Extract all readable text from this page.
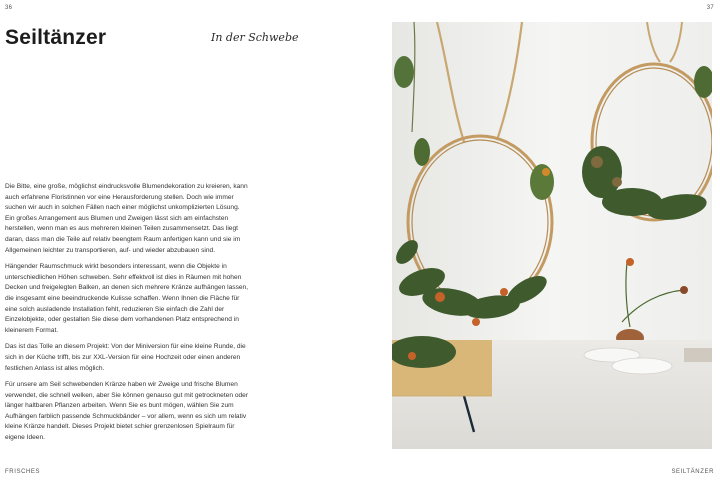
36	37
Seiltänzer	In der Schwebe

Die Bitte, eine große, möglichst eindrucksvolle Blumendekoration zu kreieren, kann auch erfahrene Floristinnen vor eine Herausforderung stellen. Doch wie immer suchen wir auch in solchen Fällen nach einer möglichst unkomplizierten Lösung. Ein großes Arrangement aus Blumen und Zweigen lässt sich am einfachsten herstellen, wenn man es aus mehreren kleinen Teilen zusammensetzt. Das liegt daran, dass man die Teile auf relativ beengtem Raum anfertigen kann und sie im Allgemeinen leichter zu transportieren, auf- und wieder abzubauen sind.

Hängender Raumschmuck wirkt besonders interessant, wenn die Objekte in unterschiedlichen Höhen schweben. Sehr effektvoll ist dies in Räumen mit hohen Decken und freigelegten Balken, an denen sich mehrere Kränze aufhängen lassen, die insgesamt eine beeindruckende Kulisse schaffen. Wenn Ihnen die Fläche für eine solch ausladende Installation fehlt, reduzieren Sie einfach die Zahl der Einzelobjekte, oder gestalten Sie diese dem vorhandenen Platz entsprechend in kleinerem Format.

Das ist das Tolle an diesem Projekt: Von der Miniversion für eine kleine Runde, die sich in der Küche trifft, bis zur XXL-Version für eine Hochzeit oder einen anderen festlichen Anlass ist alles möglich.

Für unsere am Seil schwebenden Kränze haben wir Zweige und frische Blumen verwendet, die schnell welken, aber Sie können genauso gut mit getrockneten oder länger haltbaren Pflanzen arbeiten. Wenn Sie es bunt mögen, wählen Sie zum Aufhängen farblich passende Schmuckbänder – vor allem, wenn es sich um relativ kleine Kränze handelt. Dieses Projekt bietet schier grenzenlosen Spielraum für eigene Ideen.

FRISCHES	SEILTÄNZER
